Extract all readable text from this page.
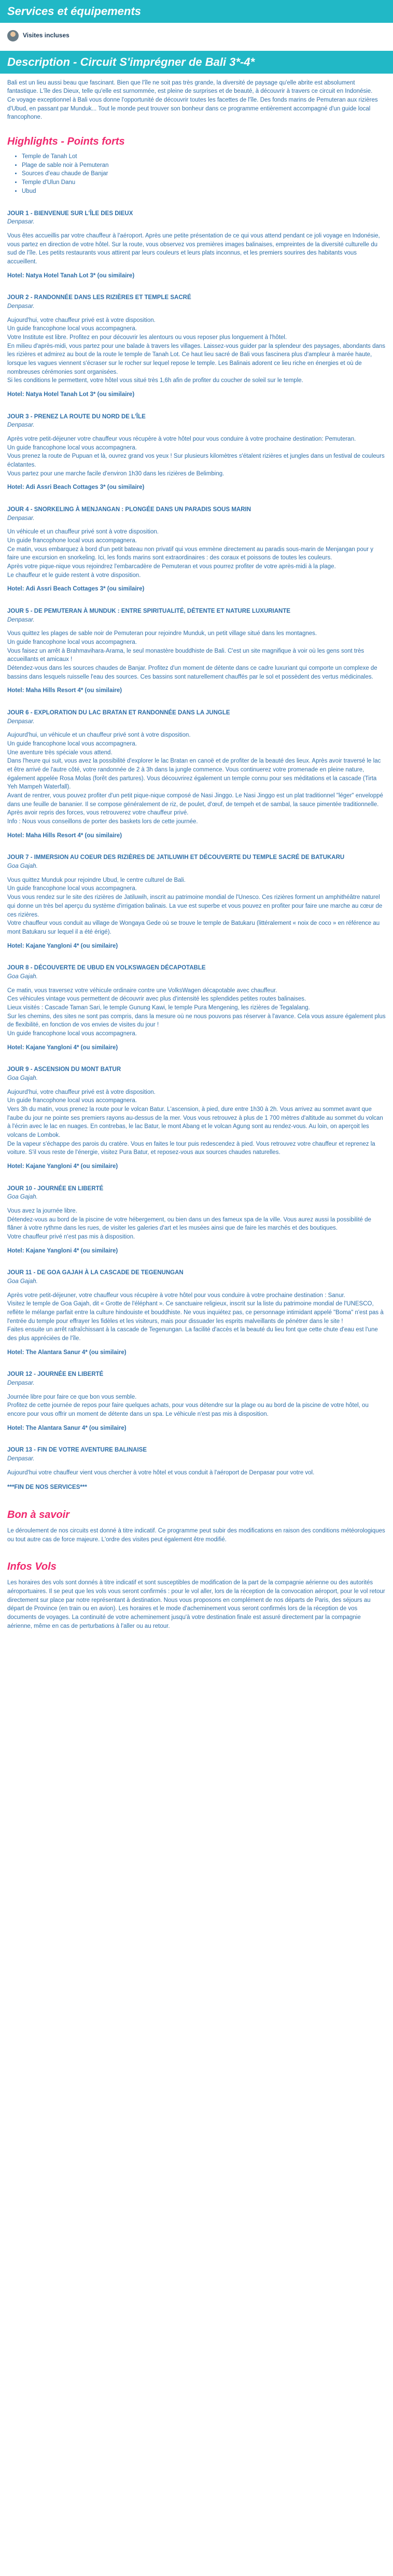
Services et équipements
Visites incluses
Description - Circuit S'imprégner de Bali 3*-4*

Bali est un lieu aussi beau que fascinant. Bien que l'île ne soit pas très grande, la diversité de paysage qu'elle abrite est absolument fantastique. L'île des Dieux, telle qu'elle est surnommée, est pleine de surprises et de beauté, à découvrir à travers ce circuit en Indonésie.

Ce voyage exceptionnel à Bali vous donne l'opportunité de découvrir toutes les facettes de l'île. Des fonds marins de Pemuteran aux rizières d'Ubud, en passant par Munduk... Tout le monde peut trouver son bonheur dans ce programme entièrement accompagné d'un guide local francophone.

Highlights - Points forts
• Temple de Tanah Lot
• Plage de sable noir à Pemuteran
• Sources d'eau chaude de Banjar
• Temple d'Ulun Danu
• Ubud
JOUR 1 - BIENVENUE SUR L'ÎLE DES DIEUX
Denpasar.

Vous êtes accueillis par votre chauffeur à l'aéroport. Après une petite présentation de ce qui vous attend pendant ce joli voyage en Indonésie, vous partez en direction de votre hôtel. Sur la route, vous observez vos premières images balinaises, empreintes de la diversité culturelle du sud de l'île. Les petits restaurants vous attirent par leurs couleurs et leurs plats inconnus, et les premiers sourires des habitants vous accueillent.

Hotel: Natya Hotel Tanah Lot 3* (ou similaire)
JOUR 2 - RANDONNÉE DANS LES RIZIÈRES ET TEMPLE SACRÉ
Denpasar.

Aujourd'hui, votre chauffeur privé est à votre disposition.

Un guide francophone local vous accompagnera.

Votre Institute est libre. Profitez en pour découvrir les alentours ou vous reposer plus longuement à l'hôtel.

En milieu d'après-midi, vous partez pour une balade à travers les villages. Laissez-vous guider par la splendeur des paysages, abondants dans les rizières et admirez au bout de la route le temple de Tanah Lot. Ce haut lieu sacré de Bali vous fascinera plus d'ampleur à marée haute, lorsque les vagues viennent s'écraser sur le rocher sur lequel repose le temple. Les Balinais adorent ce lieu riche en énergies et où de nombreuses cérémonies sont organisées.

Si les conditions le permettent, votre hôtel vous situé très 1,6h afin de profiter du coucher de soleil sur le temple.

Hotel: Natya Hotel Tanah Lot 3* (ou similaire)
JOUR 3 - PRENEZ LA ROUTE DU NORD DE L'ÎLE
Denpasar.

Après votre petit-déjeuner votre chauffeur vous récupère à votre hôtel pour vous conduire à votre prochaine destination: Pemuteran.

Un guide francophone local vous accompagnera.

Vous prenez la route de Pupuan et là, ouvrez grand vos yeux ! Sur plusieurs kilomètres s'étalent rizières et jungles dans un festival de couleurs éclatantes.

Vous partez pour une marche facile d'environ 1h30 dans les rizières de Belimbing.

Hotel: Adi Assri Beach Cottages 3* (ou similaire)
JOUR 4 - SNORKELING À MENJANGAN : PLONGÉE DANS UN PARADIS SOUS MARIN
Denpasar.

Un véhicule et un chauffeur privé sont à votre disposition.

Un guide francophone local vous accompagnera.

Ce matin, vous embarquez à bord d'un petit bateau non privatif qui vous emmène directement au paradis sous-marin de Menjangan pour y faire une excursion en snorkeling. Ici, les fonds marins sont extraordinaires : des coraux et poissons de toutes les couleurs.

Après votre pique-nique vous rejoindrez l'embarcadère de Pemuteran et vous pourrez profiter de votre après-midi à la plage.

Le chauffeur et le guide restent à votre disposition.

Hotel: Adi Assri Beach Cottages 3* (ou similaire)
JOUR 5 - DE PEMUTERAN À MUNDUK : ENTRE SPIRITUALITÉ, DÉTENTE ET NATURE LUXURIANTE
Denpasar.

Vous quittez les plages de sable noir de Pemuteran pour rejoindre Munduk, un petit village situé dans les montagnes.

Un guide francophone local vous accompagnera.

Vous faisez un arrêt à Brahmavihara-Arama, le seul monastère bouddhiste de Bali. C'est un site magnifique à voir où les gens sont très accueillants et amicaux !

Détendez-vous dans les sources chaudes de Banjar. Profitez d'un moment de détente dans ce cadre luxuriant qui comporte un complexe de bassins dans lesquels ruisselle l'eau des sources. Ces bassins sont naturellement chauffés par le sol et possèdent des vertus médicinales.

Hotel: Maha Hills Resort 4* (ou similaire)
JOUR 6 - EXPLORATION DU LAC BRATAN ET RANDONNÉE DANS LA JUNGLE
Denpasar.

Aujourd'hui, un véhicule et un chauffeur privé sont à votre disposition.

Un guide francophone local vous accompagnera.

Une aventure très spéciale vous attend.

Dans l'heure qui suit, vous avez la possibilité d'explorer le lac Bratan en canoë et de profiter de la beauté des lieux. Après avoir traversé le lac et être arrivé de l'autre côté, votre randonnée de 2 à 3h dans la jungle commence. Vous continuerez votre promenade en pleine nature, également appelée Rosa Molas (forêt des partures). Vous découvrirez également un temple connu pour ses méditations et la cascade (Tirta Yeh Mampeh Waterfall).

Avant de rentrer, vous pouvez profiter d'un petit pique-nique composé de Nasi Jinggo. Le Nasi Jinggo est un plat traditionnel "léger" enveloppé dans une feuille de bananier. Il se compose généralement de riz, de poulet, d'œuf, de tempeh et de sambal, la sauce pimentée traditionnelle.

Après avoir repris des forces, vous retrouverez votre chauffeur privé.

Info : Nous vous conseillons de porter des baskets lors de cette journée.

Hotel: Maha Hills Resort 4* (ou similaire)
JOUR 7 - IMMERSION AU COEUR DES RIZIÈRES DE JATILUWIH ET DÉCOUVERTE DU TEMPLE SACRÉ DE BATUKARU
Goa Gajah.

Vous quittez Munduk pour rejoindre Ubud, le centre culturel de Bali.

Un guide francophone local vous accompagnera.

Vous vous rendez sur le site des rizières de Jatiluwih, inscrit au patrimoine mondial de l'Unesco. Ces rizières forment un amphithéâtre naturel qui donne un très bel aperçu du système d'irrigation balinais. La vue est superbe et vous pouvez en profiter pour faire une marche au cœur de ces rizières.

Votre chauffeur vous conduit au village de Wongaya Gede où se trouve le temple de Batukaru (littéralement « noix de coco » en référence au mont Batukaru sur lequel il a été érigé).

Hotel: Kajane Yangloni 4* (ou similaire)
JOUR 8 - DÉCOUVERTE DE UBUD EN VOLKSWAGEN DÉCAPOTABLE
Goa Gajah.

Ce matin, vous traversez votre véhicule ordinaire contre une VolksWagen décapotable avec chauffeur.

Ces véhicules vintage vous permettent de découvrir avec plus d'intensité les splendides petites routes balinaises.

Lieux visités : Cascade Taman Sari, le temple Gunung Kawi, le temple Pura Mengening, les rizières de Tegalalang.

Sur les chemins, des sites ne sont pas compris, dans la mesure où ne nous pouvons pas réserver à l'avance. Cela vous assure également plus de flexibilité, en fonction de vos envies de visites du jour !

Un guide francophone local vous accompagnera.

Hotel: Kajane Yangloni 4* (ou similaire)
JOUR 9 - ASCENSION DU MONT BATUR
Goa Gajah.

Aujourd'hui, votre chauffeur privé est à votre disposition.

Un guide francophone local vous accompagnera.

Vers 3h du matin, vous prenez la route pour le volcan Batur. L'ascension, à pied, dure entre 1h30 à 2h. Vous arrivez au sommet avant que l'aube du jour ne pointe ses premiers rayons au-dessus de la mer. Vous vous retrouvez à plus de 1 700 mètres d'altitude au sommet du volcan à l'écrin avec le lac en nuages. En contrebas, le lac Batur, le mont Abang et le volcan Agung sont au rendez-vous. Au loin, on aperçoit les volcans de Lombok.

De la vapeur s'échappe des parois du cratère. Vous en faites le tour puis redescendez à pied. Vous retrouvez votre chauffeur et reprenez la voiture. S'il vous reste de l'énergie, visitez Pura Batur, et reposez-vous aux sources chaudes naturelles.

Hotel: Kajane Yangloni 4* (ou similaire)
JOUR 10 - JOURNÉE EN LIBERTÉ
Goa Gajah.

Vous avez la journée libre.

Détendez-vous au bord de la piscine de votre hébergement, ou bien dans un des fameux spa de la ville. Vous aurez aussi la possibilité de flâner à votre rythme dans les rues, de visiter les galeries d'art et les musées ainsi que de faire les marchés et des boutiques.

Votre chauffeur privé n'est pas mis à disposition.

Hotel: Kajane Yangloni 4* (ou similaire)
JOUR 11 - DE GOA GAJAH À LA CASCADE DE TEGENUNGAN
Goa Gajah.

Après votre petit-déjeuner, votre chauffeur vous récupère à votre hôtel pour vous conduire à votre prochaine destination : Sanur.

Visitez le temple de Goa Gajah, dit « Grotte de l'éléphant ». Ce sanctuaire religieux, inscrit sur la liste du patrimoine mondial de l'UNESCO, reflète le mélange parfait entre la culture hindouiste et bouddhiste. Ne vous inquiétez pas, ce personnage intimidant appelé "Boma" n'est pas à l'entrée du temple pour effrayer les fidèles et les visiteurs, mais pour dissuader les esprits malveillants de pénétrer dans le site !

Faites ensuite un arrêt rafraîchissant à la cascade de Tegenungan. La facilité d'accès et la beauté du lieu font que cette chute d'eau est l'une des plus appréciées de l'île.

Hotel: The Alantara Sanur 4* (ou similaire)
JOUR 12 - JOURNÉE EN LIBERTÉ
Denpasar.

Journée libre pour faire ce que bon vous semble.

Profitez de cette journée de repos pour faire quelques achats, pour vous détendre sur la plage ou au bord de la piscine de votre hôtel, ou encore pour vous offrir un moment de détente dans un spa. Le véhicule n'est pas mis à disposition.

Hotel: The Alantara Sanur 4* (ou similaire)
JOUR 13 - FIN DE VOTRE AVENTURE BALINAISE
Denpasar.

Aujourd'hui votre chauffeur vient vous chercher à votre hôtel et vous conduit à l'aéroport de Denpasar pour votre vol.

***FIN DE NOS SERVICES***

Bon à savoir

Le déroulement de nos circuits est donné à titre indicatif. Ce programme peut subir des modifications en raison des conditions météorologiques ou tout autre cas de force majeure. L'ordre des visites peut également être modifié.

Infos Vols

Les horaires des vols sont donnés à titre indicatif et sont susceptibles de modification de la part de la compagnie aérienne ou des autorités aéroportuaires. Il se peut que les vols vous seront confirmés : pour le vol aller, lors de la réception de la convocation aéroport, pour le vol retour directement sur place par notre représentant à destination. Nous vous proposons en complément de nos départs de Paris, des séjours au départ de Province (en train ou en avion). Les horaires et le mode d'acheminement vous seront confirmés lors de la réception de vos documents de voyages. La continuité de votre acheminement jusqu'à votre destination finale est assuré directement par la compagnie aérienne, même en cas de perturbations à l'aller ou au retour.
